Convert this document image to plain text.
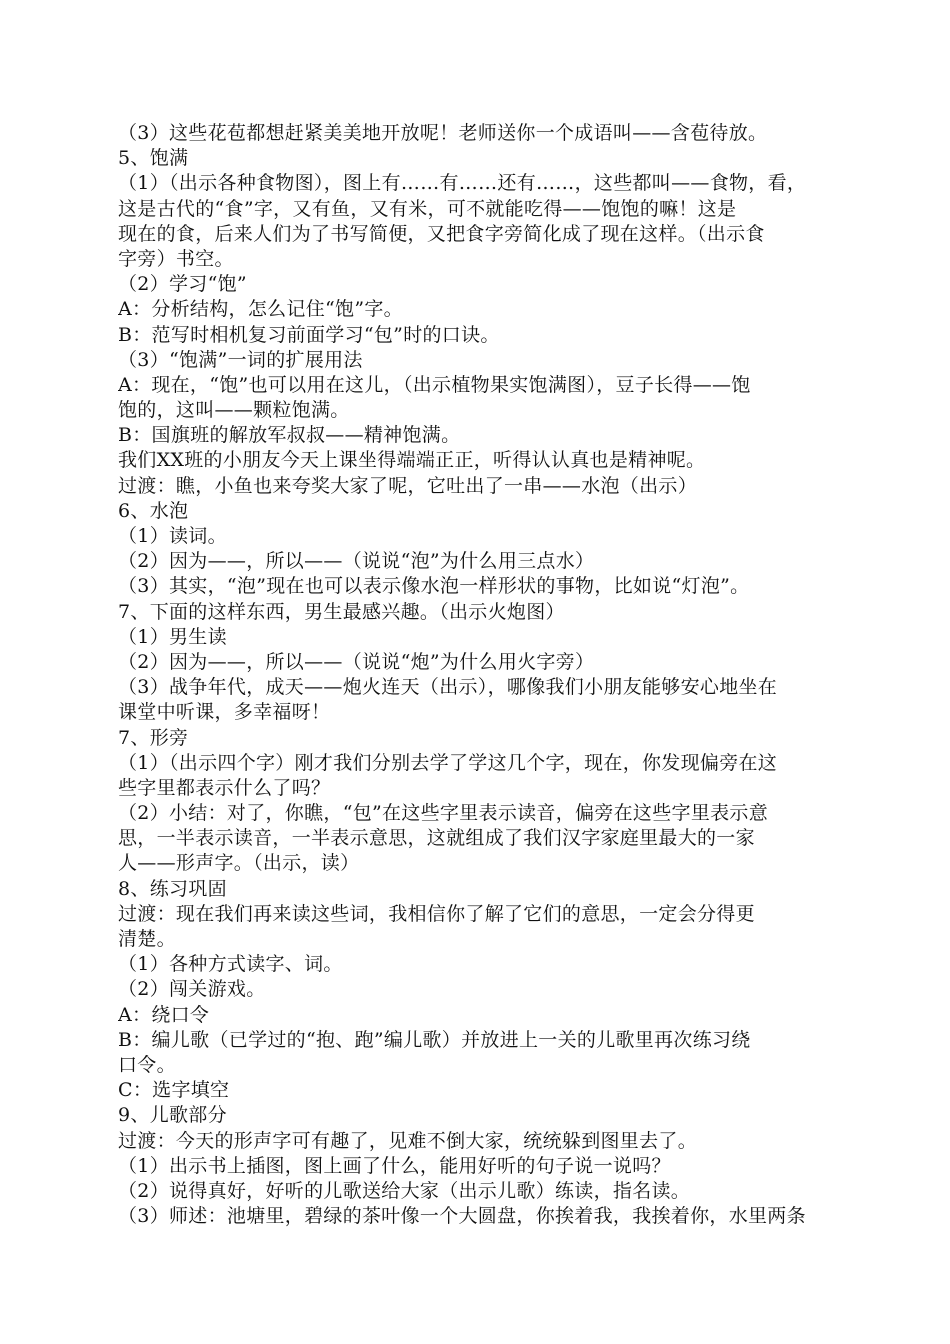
（3）这些花苞都想赶紧美美地开放呢！老师送你一个成语叫——含苞待放。
5、饱满
（1）（出示各种食物图），图上有……有……还有……，这些都叫——食物，看，
这是古代的“食”字，又有鱼，又有米，可不就能吃得——饱饱的嘛！这是
现在的食，后来人们为了书写简便，又把食字旁简化成了现在这样。（出示食
字旁）书空。
（2）学习“饱”
A：分析结构，怎么记住“饱”字。
B：范写时相机复习前面学习“包”时的口诀。
（3）“饱满”一词的扩展用法
A：现在，“饱”也可以用在这儿，（出示植物果实饱满图），豆子长得——饱
饱的，这叫——颗粒饱满。
B：国旗班的解放军叔叔——精神饱满。
我们XX班的小朋友今天上课坐得端端正正，听得认认真也是精神呢。
过渡：瞧，小鱼也来夸奖大家了呢，它吐出了一串——水泡（出示）
6、水泡
（1）读词。
（2）因为——，所以——（说说“泡”为什么用三点水）
（3）其实，“泡”现在也可以表示像水泡一样形状的事物，比如说“灯泡”。
7、下面的这样东西，男生最感兴趣。（出示火炮图）
（1）男生读
（2）因为——，所以——（说说“炮”为什么用火字旁）
（3）战争年代，成天——炮火连天（出示），哪像我们小朋友能够安心地坐在
课堂中听课，多幸福呀！
7、形旁
（1）（出示四个字）刚才我们分别去学了学这几个字，现在，你发现偏旁在这
些字里都表示什么了吗？
（2）小结：对了，你瞧，“包”在这些字里表示读音，偏旁在这些字里表示意
思，一半表示读音，一半表示意思，这就组成了我们汉字家庭里最大的一家
人——形声字。（出示，读）
8、练习巩固
过渡：现在我们再来读这些词，我相信你了解了它们的意思，一定会分得更
清楚。
（1）各种方式读字、词。
（2）闯关游戏。
A：绕口令
B：编儿歌（已学过的“抱、跑”编儿歌）并放进上一关的儿歌里再次练习绕
口令。
C：选字填空
9、儿歌部分
过渡：今天的形声字可有趣了，见难不倒大家，统统躲到图里去了。
（1）出示书上插图，图上画了什么，能用好听的句子说一说吗？
（2）说得真好，好听的儿歌送给大家（出示儿歌）练读，指名读。
（3）师述：池塘里，碧绿的茶叶像一个大圆盘，你挨着我，我挨着你，水里两条
